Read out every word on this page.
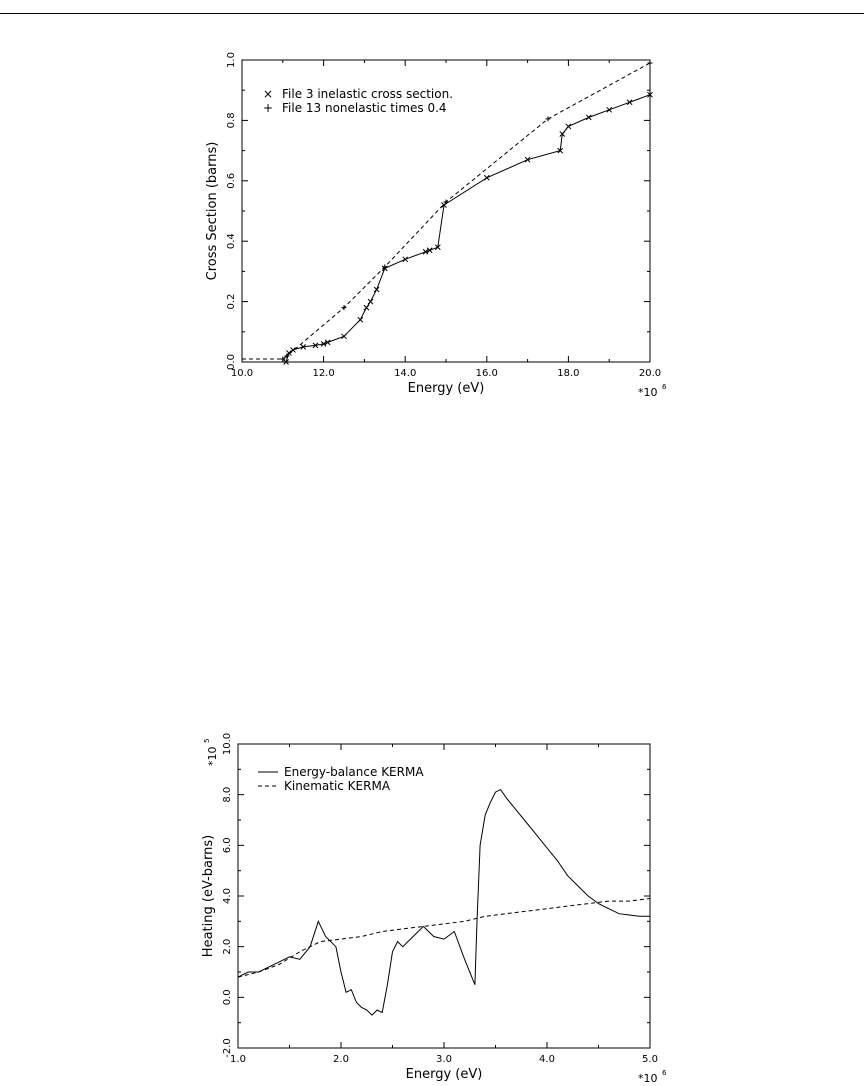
10.0	12.0	14.0	16.0	18.0	20.0
0.0
0.2
0.4
0.6
0.8
1.0
Energy (eV)
Cross Section (barns)
*10 6
× File 3 inelastic cross section.
+ File 13 nonelastic times 0.4
1.0	2.0	3.0	4.0	5.0
-2.0
0.0
2.0
4.0
6.0
8.0
10.0
Energy (eV)
Heating (eV-barns)
*10 6
*10
5
Energy-balance KERMA
Kinematic KERMA
